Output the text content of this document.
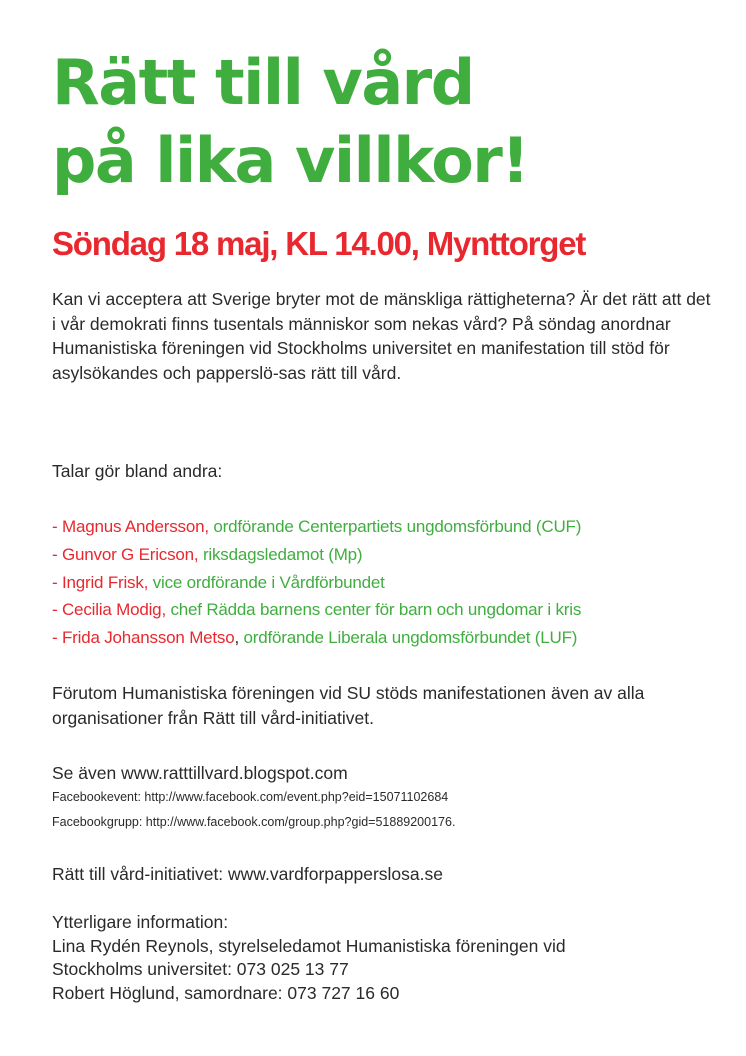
Rätt till vård
på lika villkor!
Söndag 18 maj, KL 14.00, Mynttorget

Kan vi acceptera att Sverige bryter mot de mänskliga rättigheterna? Är det rätt att det i vår demokrati finns tusentals människor som nekas vård? På söndag anordnar Humanistiska föreningen vid Stockholms universitet en manifestation till stöd för asylsökandes och papperslö-sas rätt till vård.

Talar gör bland andra:

- Magnus Andersson, ordförande Centerpartiets ungdomsförbund (CUF)
- Gunvor G Ericson, riksdagsledamot (Mp)
- Ingrid Frisk, vice ordförande i Vårdförbundet
- Cecilia Modig, chef Rädda barnens center för barn och ungdomar i kris
- Frida Johansson Metso, ordförande Liberala ungdomsförbundet (LUF)

Förutom Humanistiska föreningen vid SU stöds manifestationen även av alla organisationer från Rätt till vård-initiativet.

Se även www.ratttillvard.blogspot.com
Facebookevent: http://www.facebook.com/event.php?eid=15071102684
Facebookgrupp: http://www.facebook.com/group.php?gid=51889200176.

Rätt till vård-initiativet: www.vardforpapperslosa.se

Ytterligare information:
Lina Rydén Reynols, styrelseledamot Humanistiska föreningen vid
Stockholms universitet: 073 025 13 77
Robert Höglund, samordnare: 073 727 16 60
